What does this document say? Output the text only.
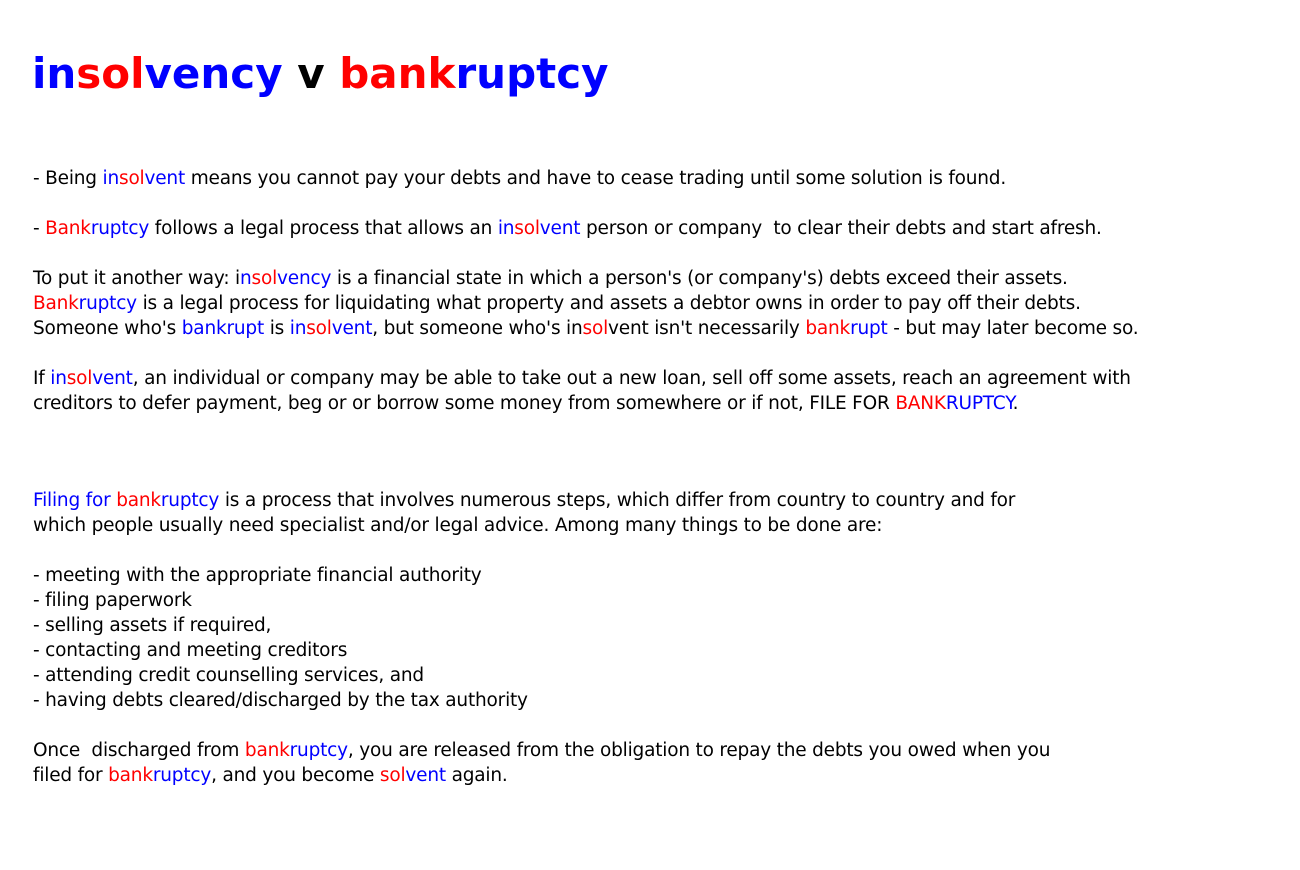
insolvency v bankruptcy

- Being insolvent means you cannot pay your debts and have to cease trading until some solution is found.

- Bankruptcy follows a legal process that allows an insolvent person or company  to clear their debts and start afresh.

To put it another way: insolvency is a financial state in which a person's (or company's) debts exceed their assets.

Bankruptcy is a legal process for liquidating what property and assets a debtor owns in order to pay off their debts.

Someone who's bankrupt is insolvent, but someone who's insolvent isn't necessarily bankrupt - but may later become so.

If insolvent, an individual or company may be able to take out a new loan, sell off some assets, reach an agreement with

creditors to defer payment, beg or or borrow some money from somewhere or if not, FILE FOR BANKRUPTCY.

Filing for bankruptcy is a process that involves numerous steps, which differ from country to country and for

which people usually need specialist and/or legal advice. Among many things to be done are:

- meeting with the appropriate financial authority

- filing paperwork

- selling assets if required,

- contacting and meeting creditors

- attending credit counselling services, and

- having debts cleared/discharged by the tax authority

Once  discharged from bankruptcy, you are released from the obligation to repay the debts you owed when you

filed for bankruptcy, and you become solvent again.
